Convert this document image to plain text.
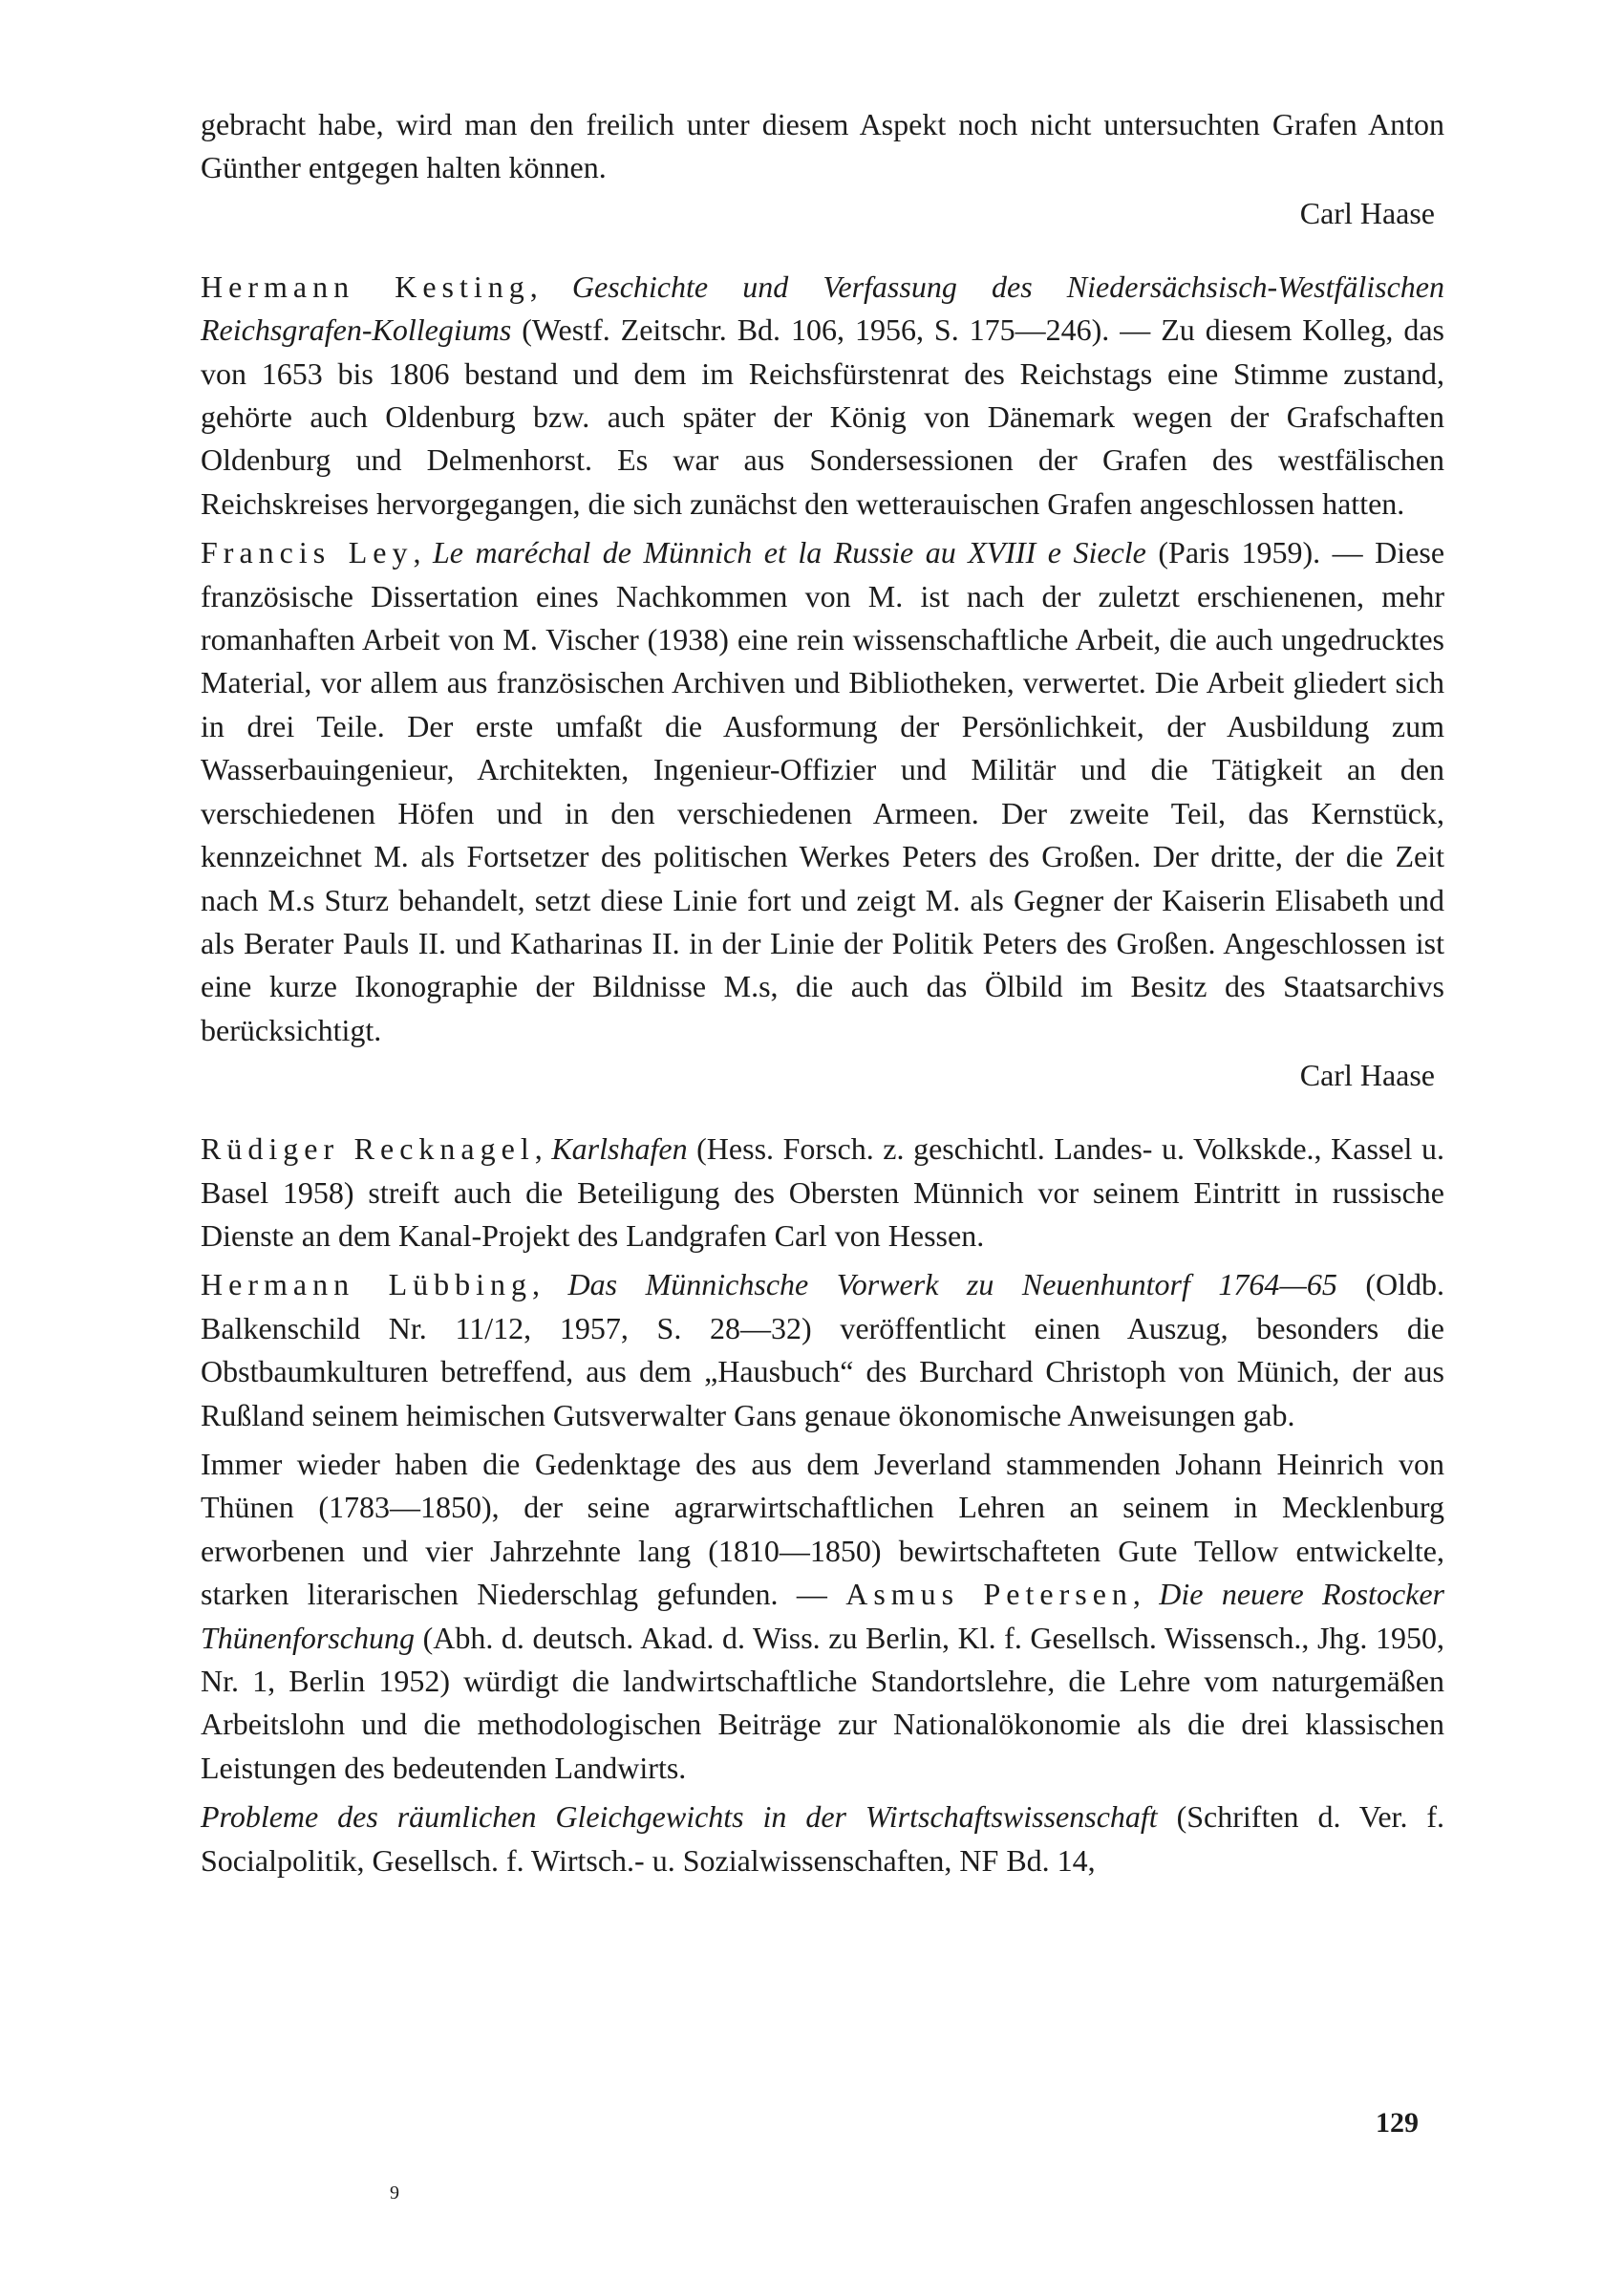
gebracht habe, wird man den freilich unter diesem Aspekt noch nicht untersuchten Grafen Anton Günther entgegen halten können.

Carl Haase

Hermann Kesting, Geschichte und Verfassung des Niedersächsisch-Westfälischen Reichsgrafen-Kollegiums (Westf. Zeitschr. Bd. 106, 1956, S. 175—246). — Zu diesem Kolleg, das von 1653 bis 1806 bestand und dem im Reichsfürstenrat des Reichstags eine Stimme zustand, gehörte auch Oldenburg bzw. auch später der König von Dänemark wegen der Grafschaften Oldenburg und Delmenhorst. Es war aus Sondersessionen der Grafen des westfälischen Reichskreises hervorgegangen, die sich zunächst den wetterauischen Grafen angeschlossen hatten.

Francis Ley, Le maréchal de Münnich et la Russie au XVIII e Siecle (Paris 1959). — Diese französische Dissertation eines Nachkommen von M. ist nach der zuletzt erschienenen, mehr romanhaften Arbeit von M. Vischer (1938) eine rein wissenschaftliche Arbeit, die auch ungedrucktes Material, vor allem aus französischen Archiven und Bibliotheken, verwertet. Die Arbeit gliedert sich in drei Teile. Der erste umfaßt die Ausformung der Persönlichkeit, der Ausbildung zum Wasserbauingenieur, Architekten, Ingenieur-Offizier und Militär und die Tätigkeit an den verschiedenen Höfen und in den verschiedenen Armeen. Der zweite Teil, das Kernstück, kennzeichnet M. als Fortsetzer des politischen Werkes Peters des Großen. Der dritte, der die Zeit nach M.s Sturz behandelt, setzt diese Linie fort und zeigt M. als Gegner der Kaiserin Elisabeth und als Berater Pauls II. und Katharinas II. in der Linie der Politik Peters des Großen. Angeschlossen ist eine kurze Ikonographie der Bildnisse M.s, die auch das Ölbild im Besitz des Staatsarchivs berücksichtigt.

Carl Haase

Rüdiger Recknagel, Karlshafen (Hess. Forsch. z. geschichtl. Landes- u. Volkskde., Kassel u. Basel 1958) streift auch die Beteiligung des Obersten Münnich vor seinem Eintritt in russische Dienste an dem Kanal-Projekt des Landgrafen Carl von Hessen.

Hermann Lübbing, Das Münnichsche Vorwerk zu Neuenhuntorf 1764—65 (Oldb. Balkenschild Nr. 11/12, 1957, S. 28—32) veröffentlicht einen Auszug, besonders die Obstbaumkulturen betreffend, aus dem „Hausbuch“ des Burchard Christoph von Münich, der aus Rußland seinem heimischen Gutsverwalter Gans genaue ökonomische Anweisungen gab.

Immer wieder haben die Gedenktage des aus dem Jeverland stammenden Johann Heinrich von Thünen (1783—1850), der seine agrarwirtschaftlichen Lehren an seinem in Mecklenburg erworbenen und vier Jahrzehnte lang (1810—1850) bewirtschafteten Gute Tellow entwickelte, starken literarischen Niederschlag gefunden. — Asmus Petersen, Die neuere Rostocker Thünenforschung (Abh. d. deutsch. Akad. d. Wiss. zu Berlin, Kl. f. Gesellsch. Wissensch., Jhg. 1950, Nr. 1, Berlin 1952) würdigt die landwirtschaftliche Standortslehre, die Lehre vom naturgemäßen Arbeitslohn und die methodologischen Beiträge zur Nationalökonomie als die drei klassischen Leistungen des bedeutenden Landwirts.

Probleme des räumlichen Gleichgewichts in der Wirtschaftswissenschaft (Schriften d. Ver. f. Socialpolitik, Gesellsch. f. Wirtsch.- u. Sozialwissenschaften, NF Bd. 14,

129
9
